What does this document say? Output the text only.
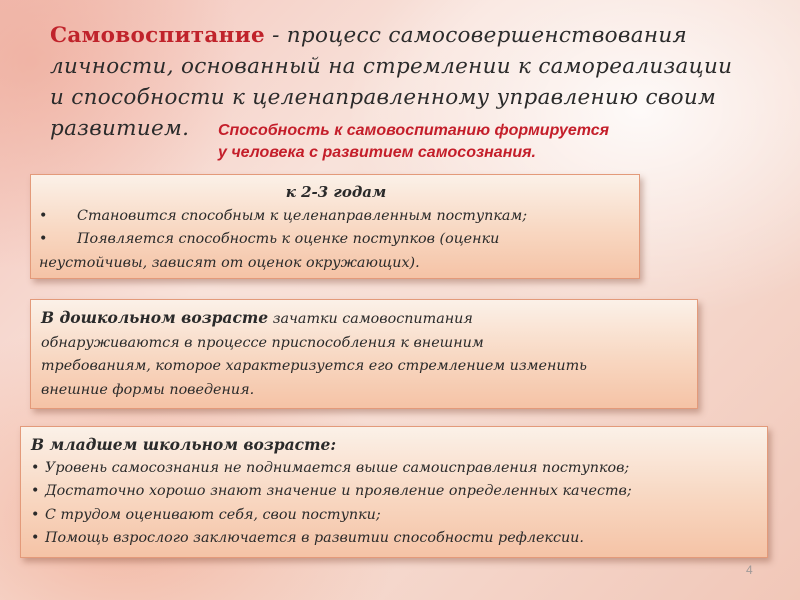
Самовоспитание - процесс самосовершенствования
личности, основанный на стремлении к самореализации
и способности к целенаправленному управлению своим
развитием.	Способность к самовоспитанию формируется
у человека с развитием самосознания.
к 2-3 годам
• Становится способным к целенаправленным поступкам;
• Появляется способность к оценке поступков (оценки
неустойчивы, зависят от оценок окружающих).
В дошкольном возрасте зачатки самовоспитания
обнаруживаются в процессе приспособления к внешним
требованиям, которое характеризуется его стремлением изменить
внешние формы поведения.
В младшем школьном возрасте:
• Уровень самосознания не поднимается выше самоисправления поступков;
• Достаточно хорошо знают значение и проявление определенных качеств;
• С трудом оценивают себя, свои поступки;
• Помощь взрослого заключается в развитии способности рефлексии.
4
